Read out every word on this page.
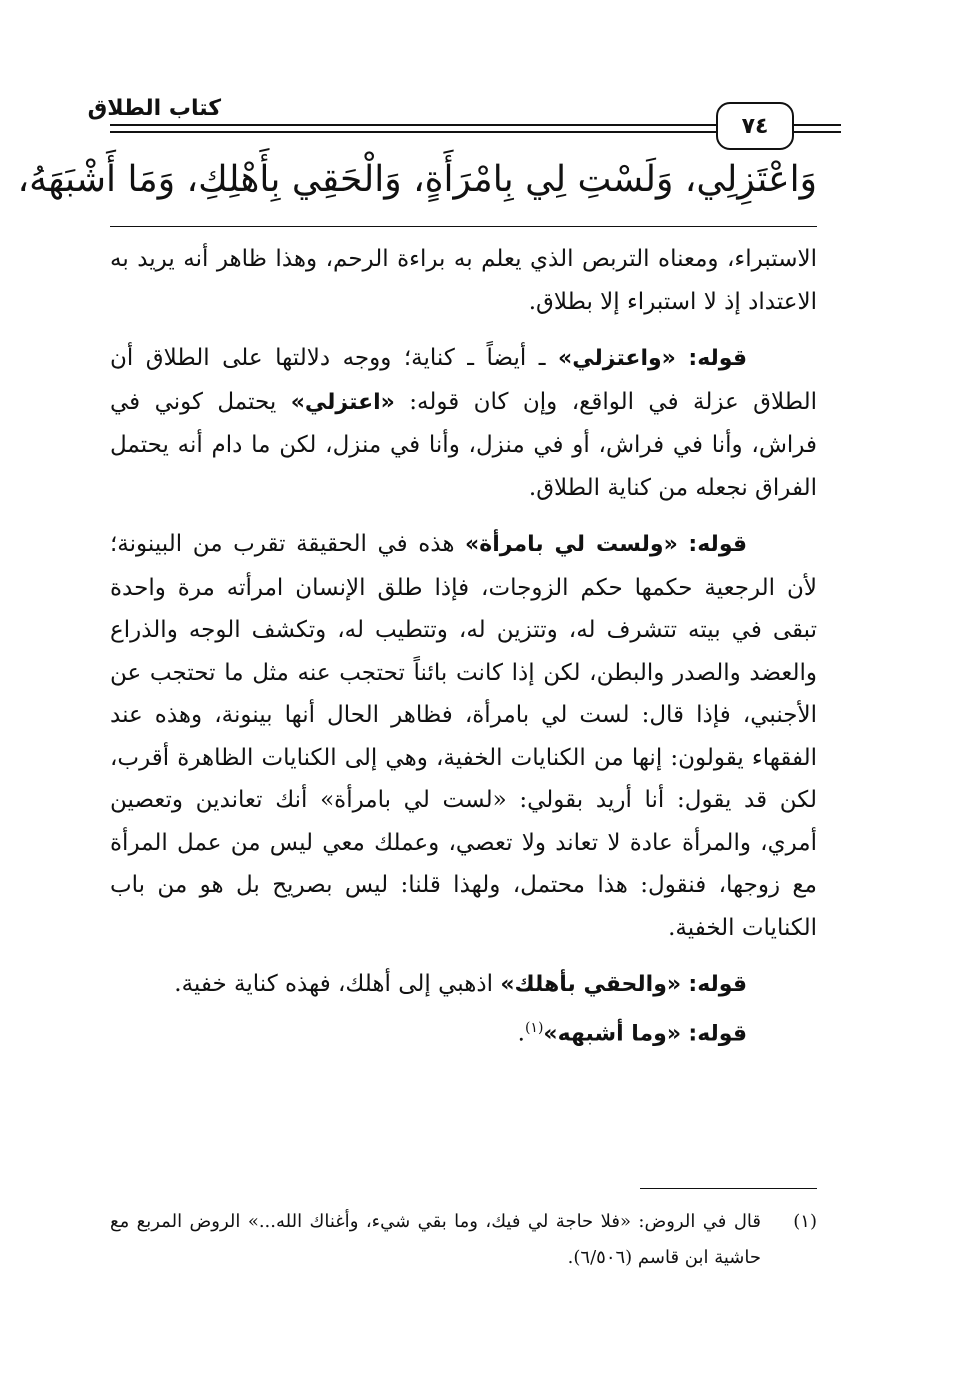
كتاب الطلاق
٧٤
وَاعْتَزِلِي، وَلَسْتِ لِي بِامْرَأَةٍ، وَالْحَقِي بِأَهْلِكِ، وَمَا أَشْبَهَهُ،

الاستبراء، ومعناه التربص الذي يعلم به براءة الرحم، وهذا ظاهر أنه يريد به الاعتداد إذ لا استبراء إلا بطلاق.

قوله: «واعتزلي» ـ أيضاً ـ كناية؛ ووجه دلالتها على الطلاق أن الطلاق عزلة في الواقع، وإن كان قوله: «اعتزلي» يحتمل كوني في فراش، وأنا في فراش، أو في منزل، وأنا في منزل، لكن ما دام أنه يحتمل الفراق نجعله من كناية الطلاق.

قوله: «ولست لي بامرأة» هذه في الحقيقة تقرب من البينونة؛ لأن الرجعية حكمها حكم الزوجات، فإذا طلق الإنسان امرأته مرة واحدة تبقى في بيته تتشرف له، وتتزين له، وتتطيب له، وتكشف الوجه والذراع والعضد والصدر والبطن، لكن إذا كانت بائناً تحتجب عنه مثل ما تحتجب عن الأجنبي، فإذا قال: لست لي بامرأة، فظاهر الحال أنها بينونة، وهذه عند الفقهاء يقولون: إنها من الكنايات الخفية، وهي إلى الكنايات الظاهرة أقرب، لكن قد يقول: أنا أريد بقولي: «لست لي بامرأة» أنك تعاندين وتعصين أمري، والمرأة عادة لا تعاند ولا تعصي، وعملك معي ليس من عمل المرأة مع زوجها، فنقول: هذا محتمل، ولهذا قلنا: ليس بصريح بل هو من باب الكنايات الخفية.

قوله: «والحقي بأهلك» اذهبي إلى أهلك، فهذه كناية خفية.

قوله: «وما أشبهه»$^{(١)}$.

(١)
قال في الروض: «فلا حاجة لي فيك، وما بقي شيء، وأغناك الله...» الروض المربع مع حاشية ابن قاسم (٦/٥٠٦).
